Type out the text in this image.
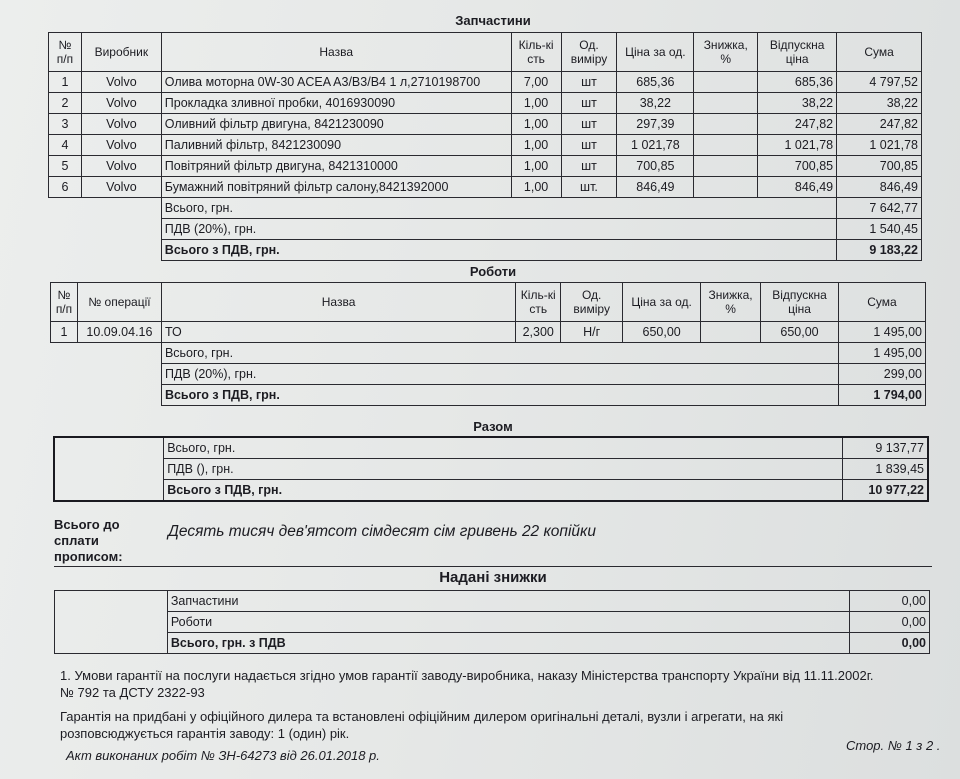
Запчастини
№ п/п	Виробник	Назва	Кіль-кі сть	Од. виміру	Ціна за од.	Знижка, %	Відпускна ціна	Сума
1	Volvo	Олива моторна 0W-30 ACEA A3/B3/B4 1 л,2710198700	7,00	шт	685,36		685,36	4 797,52
2	Volvo	Прокладка зливної пробки, 4016930090	1,00	шт	38,22		38,22	38,22
3	Volvo	Оливний фільтр двигуна, 8421230090	1,00	шт	297,39		247,82	247,82
4	Volvo	Паливний фільтр, 8421230090	1,00	шт	1 021,78		1 021,78	1 021,78
5	Volvo	Повітряний фільтр двигуна, 8421310000	1,00	шт	700,85		700,85	700,85
6	Volvo	Бумажний повітряний фільтр салону,8421392000	1,00	шт.	846,49		846,49	846,49
		Всього, грн.						7 642,77
		ПДВ (20%), грн.						1 540,45
		Всього з ПДВ, грн.						9 183,22
Роботи
№ п/п	№ операції	Назва	Кіль-кі сть	Од. виміру	Ціна за од.	Знижка, %	Відпускна ціна	Сума
1	10.09.04.16	ТО	2,300	Н/г	650,00		650,00	1 495,00
		Всього, грн.						1 495,00
		ПДВ (20%), грн.						299,00
		Всього з ПДВ, грн.						1 794,00
Разом
	Всього, грн.	9 137,77
	ПДВ (), грн.	1 839,45
	Всього з ПДВ, грн.	10 977,22
Всього до сплати прописом:
Десять тисяч дев'ятсот сімдесят сім гривень 22 копійки
Надані знижки
	Запчастини	0,00
	Роботи	0,00
	Всього, грн. з ПДВ	0,00

1. Умови гарантії на послуги надається згідно умов гарантії заводу-виробника, наказу Міністерства транспорту України від 11.11.2002г.

№ 792 та ДСТУ 2322-93

Гарантія на придбані у офіційного дилера та встановлені офіційним дилером оригінальні деталі, вузли і агрегати, на які

розповсюджується гарантія заводу: 1 (один) рік.

Акт виконаних робіт № ЗН-64273 від 26.01.2018 р.
Стор. № 1 з 2 .
